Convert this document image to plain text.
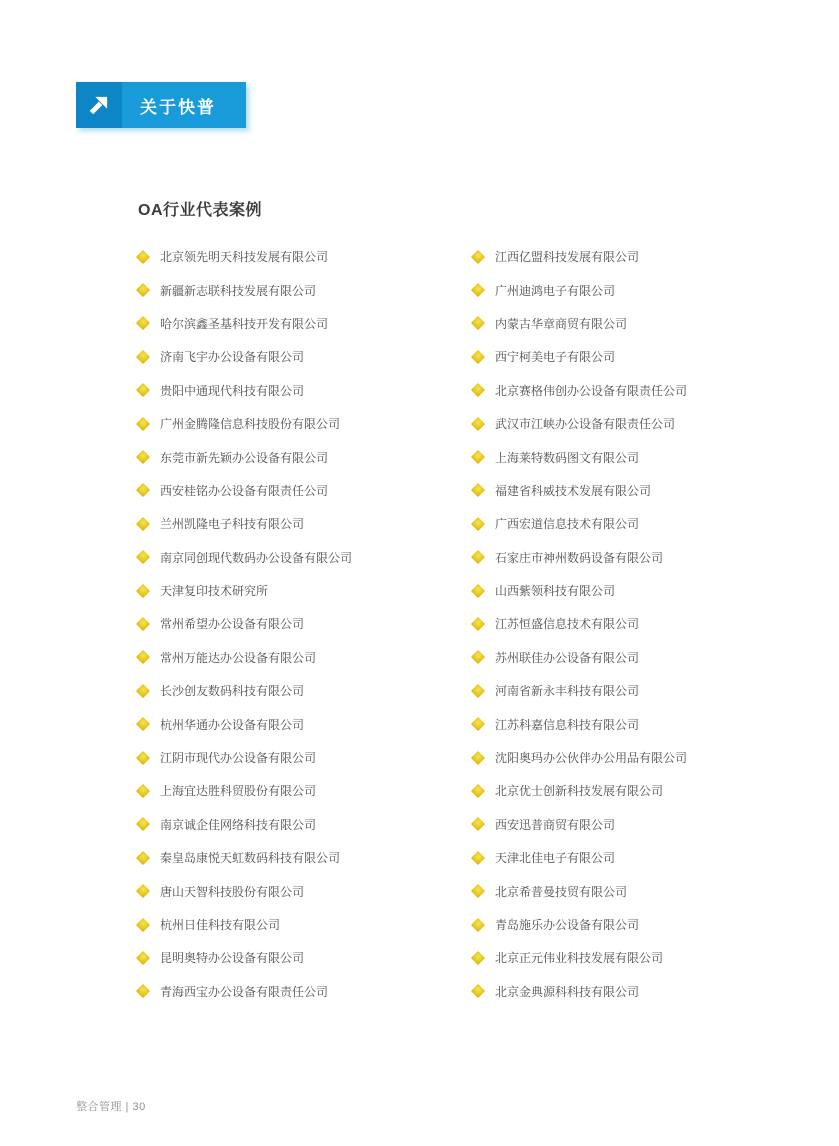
关于快普
OA行业代表案例
北京领先明天科技发展有限公司
新疆新志联科技发展有限公司
哈尔滨鑫圣基科技开发有限公司
济南飞宇办公设备有限公司
贵阳中通现代科技有限公司
广州金腾隆信息科技股份有限公司
东莞市新先颖办公设备有限公司
西安桂铭办公设备有限责任公司
兰州凯隆电子科技有限公司
南京同创现代数码办公设备有限公司
天津复印技术研究所
常州希望办公设备有限公司
常州万能达办公设备有限公司
长沙创友数码科技有限公司
杭州华通办公设备有限公司
江阴市现代办公设备有限公司
上海宜达胜科贸股份有限公司
南京诚企佳网络科技有限公司
秦皇岛康悦天虹数码科技有限公司
唐山天智科技股份有限公司
杭州日佳科技有限公司
昆明奥特办公设备有限公司
青海西宝办公设备有限责任公司
江西亿盟科技发展有限公司
广州迪鸿电子有限公司
内蒙古华章商贸有限公司
西宁柯美电子有限公司
北京赛格伟创办公设备有限责任公司
武汉市江峡办公设备有限责任公司
上海莱特数码图文有限公司
福建省科威技术发展有限公司
广西宏道信息技术有限公司
石家庄市神州数码设备有限公司
山西紫领科技有限公司
江苏恒盛信息技术有限公司
苏州联佳办公设备有限公司
河南省新永丰科技有限公司
江苏科嘉信息科技有限公司
沈阳奥玛办公伙伴办公用品有限公司
北京优士创新科技发展有限公司
西安迅普商贸有限公司
天津北佳电子有限公司
北京希普曼技贸有限公司
青岛施乐办公设备有限公司
北京正元伟业科技发展有限公司
北京金典源科科技有限公司
整合管理 | 30
